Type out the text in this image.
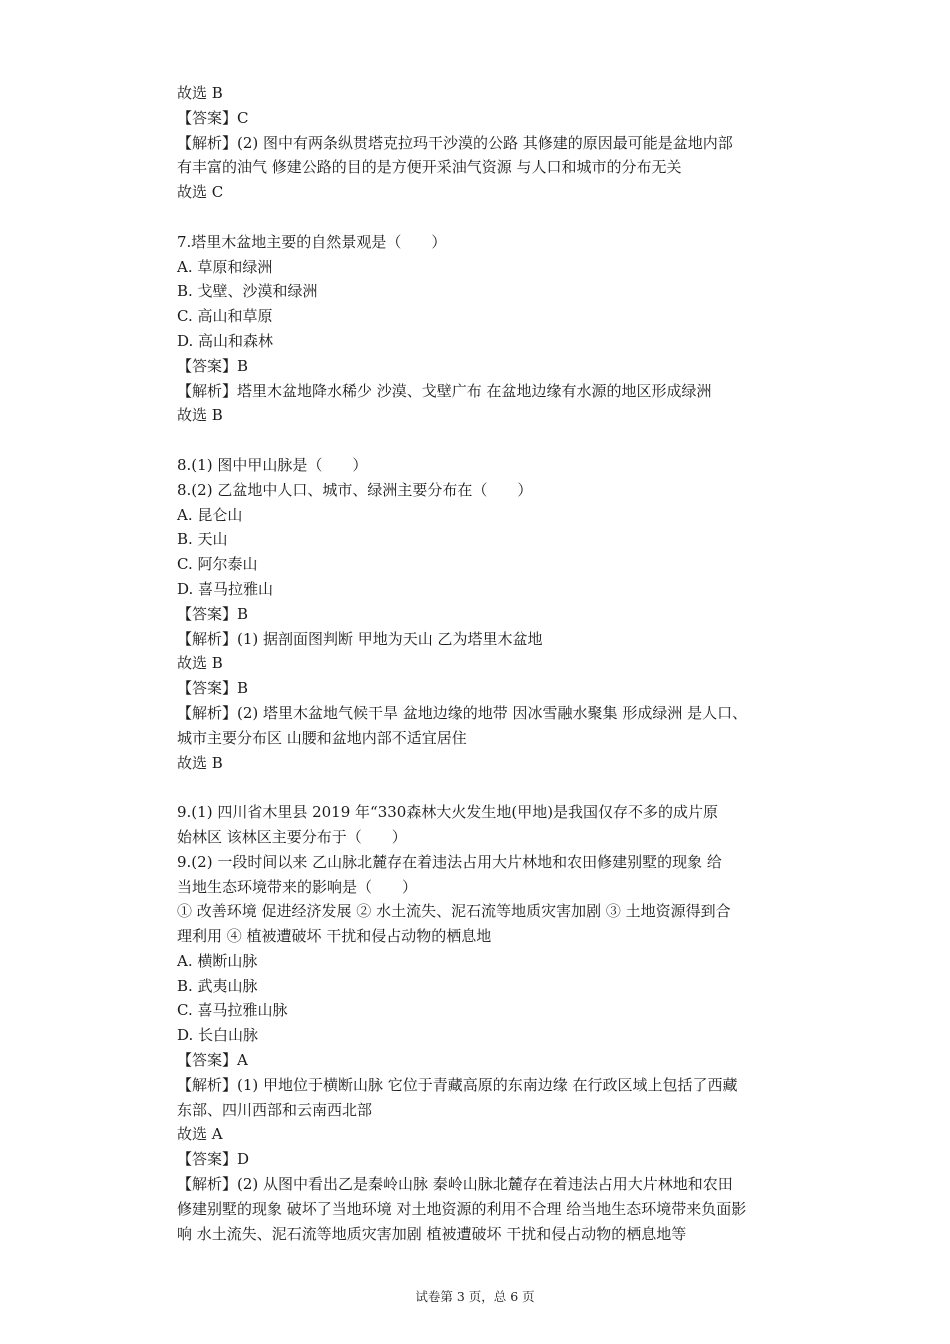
故选 B
【答案】C
【解析】(2) 图中有两条纵贯塔克拉玛干沙漠的公路 其修建的原因最可能是盆地内部
有丰富的油气 修建公路的目的是方便开采油气资源 与人口和城市的分布无关
故选 C
7.塔里木盆地主要的自然景观是（　　）
A. 草原和绿洲
B. 戈壁、沙漠和绿洲
C. 高山和草原
D. 高山和森林
【答案】B
【解析】塔里木盆地降水稀少 沙漠、戈壁广布 在盆地边缘有水源的地区形成绿洲
故选 B
8.(1) 图中甲山脉是（　　）
8.(2) 乙盆地中人口、城市、绿洲主要分布在（　　）
A. 昆仑山
B. 天山
C. 阿尔泰山
D. 喜马拉雅山
【答案】B
【解析】(1) 据剖面图判断 甲地为天山 乙为塔里木盆地
故选 B
【答案】B
【解析】(2) 塔里木盆地气候干旱 盆地边缘的地带 因冰雪融水聚集 形成绿洲 是人口、
城市主要分布区 山腰和盆地内部不适宜居住
故选 B
9.(1) 四川省木里县 2019 年“330森林大火发生地(甲地)是我国仅存不多的成片原
始林区 该林区主要分布于（　　）
9.(2) 一段时间以来 乙山脉北麓存在着违法占用大片林地和农田修建别墅的现象 给
当地生态环境带来的影响是（　　）
① 改善环境 促进经济发展 ② 水土流失、泥石流等地质灾害加剧 ③ 土地资源得到合
理利用 ④ 植被遭破坏 干扰和侵占动物的栖息地
A. 横断山脉
B. 武夷山脉
C. 喜马拉雅山脉
D. 长白山脉
【答案】A
【解析】(1) 甲地位于横断山脉 它位于青藏高原的东南边缘 在行政区域上包括了西藏
东部、四川西部和云南西北部
故选 A
【答案】D
【解析】(2) 从图中看出乙是秦岭山脉 秦岭山脉北麓存在着违法占用大片林地和农田
修建别墅的现象 破坏了当地环境 对土地资源的利用不合理 给当地生态环境带来负面影
响 水土流失、泥石流等地质灾害加剧 植被遭破坏 干扰和侵占动物的栖息地等
试卷第 3 页，总 6 页
